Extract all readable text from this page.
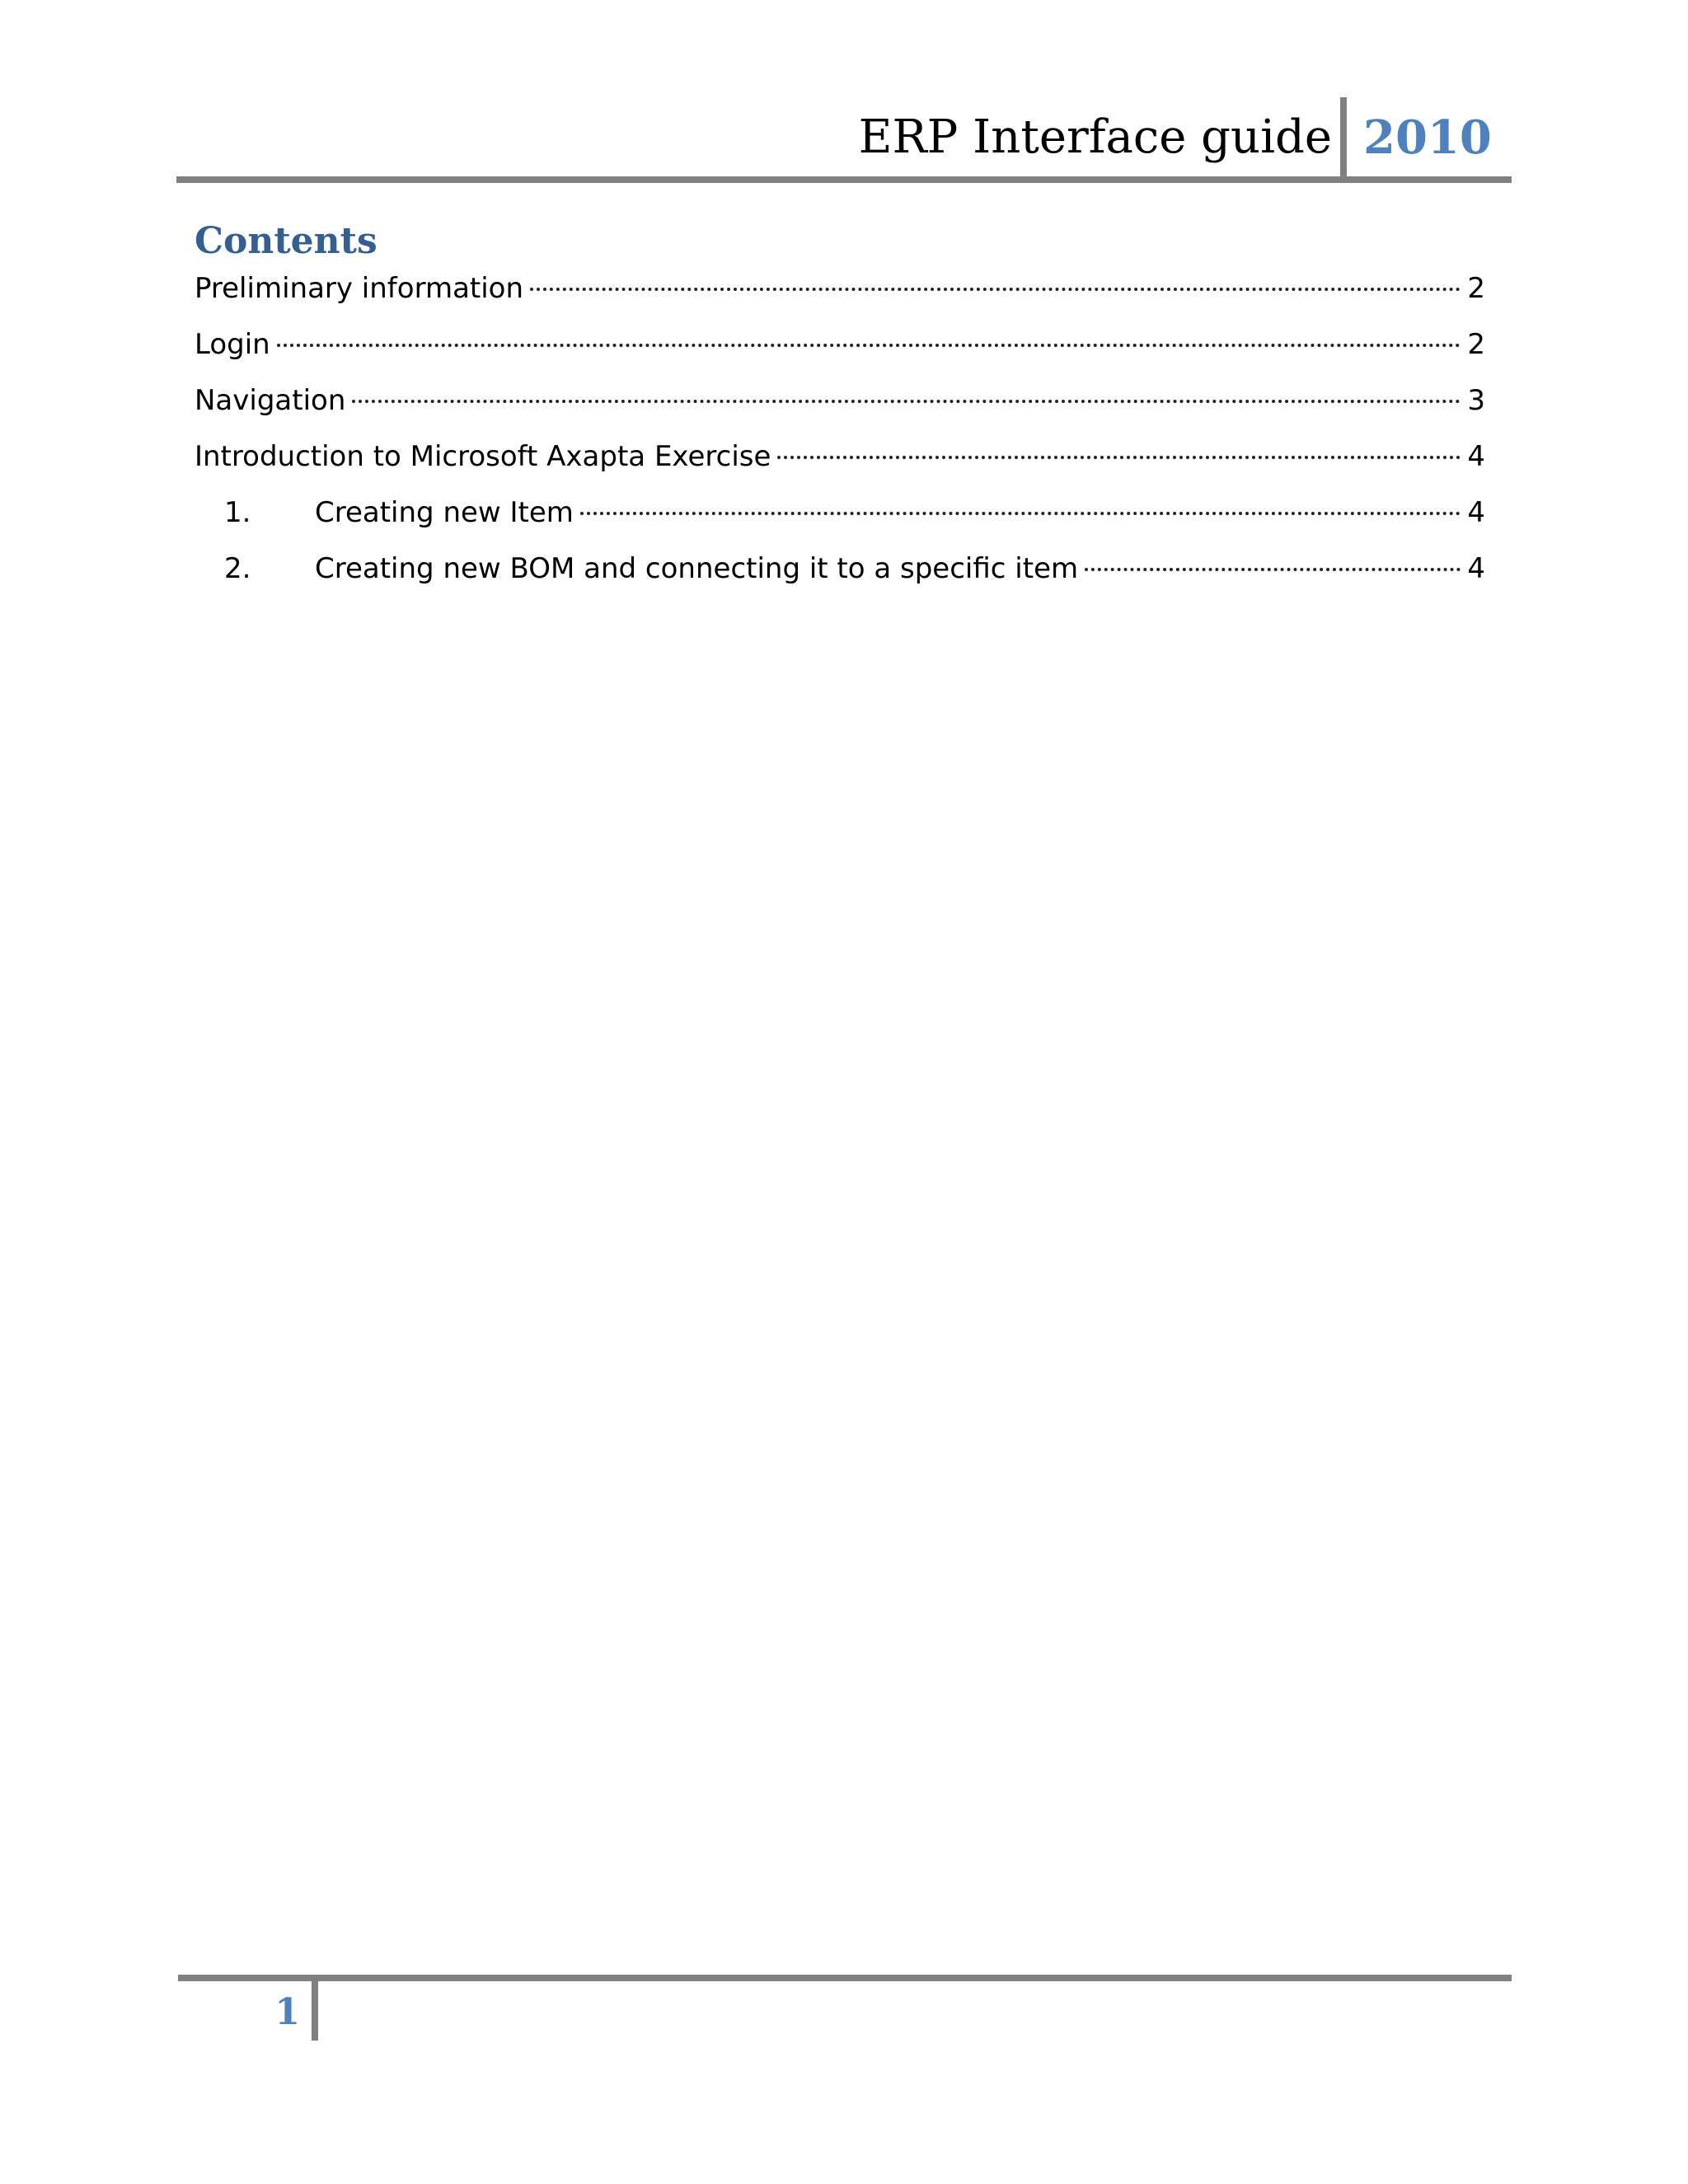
ERP Interface guide 2010
Contents
Preliminary information	2
Login	2
Navigation	3
Introduction to Microsoft Axapta Exercise	4
1.	Creating new Item	4
2.	Creating new BOM and connecting it to a specific item	4
1
